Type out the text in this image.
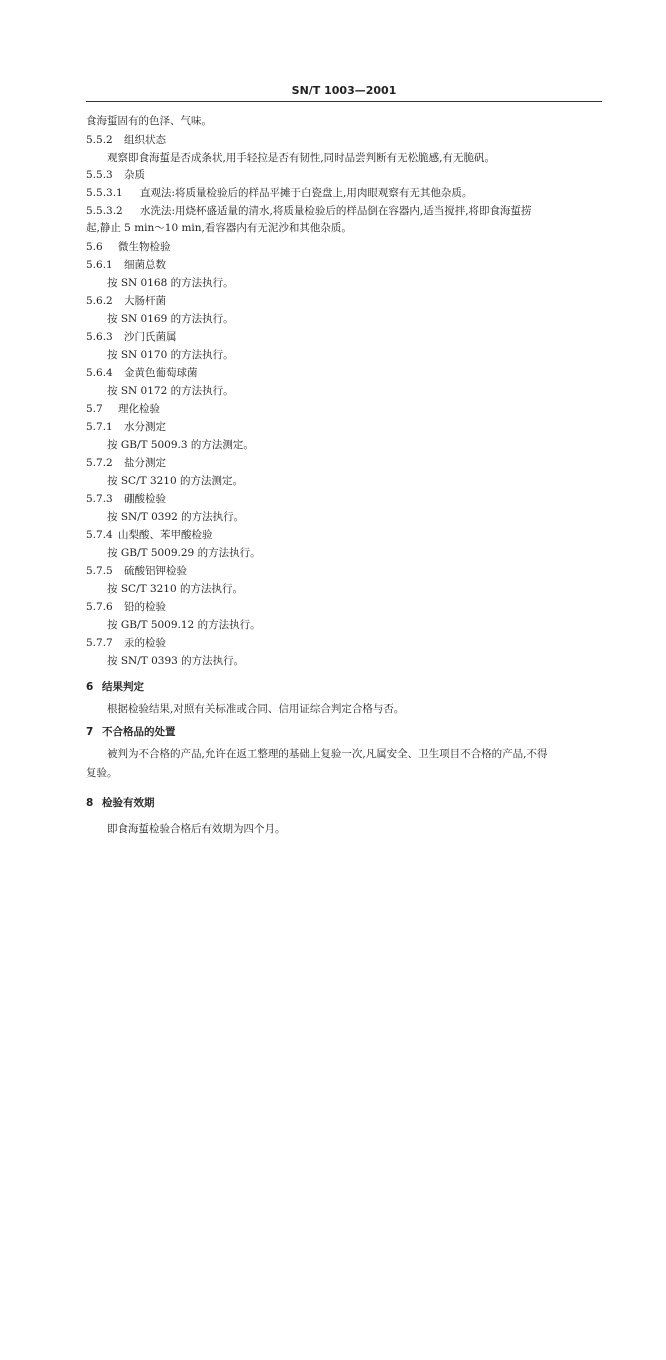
SN/T 1003—2001
食海蜇固有的色泽、气味。
5.5.2 组织状态
观察即食海蜇是否成条状,用手轻拉是否有韧性,同时品尝判断有无松脆感,有无脆矾。
5.5.3 杂质
5.5.3.1 直观法:将质量检验后的样品平摊于白瓷盘上,用肉眼观察有无其他杂质。
5.5.3.2 水洗法:用烧杯盛适量的清水,将质量检验后的样品倒在容器内,适当搅拌,将即食海蜇捞
起,静止 5 min～10 min,看容器内有无泥沙和其他杂质。
5.6 微生物检验
5.6.1 细菌总数
按 SN 0168 的方法执行。
5.6.2 大肠杆菌
按 SN 0169 的方法执行。
5.6.3 沙门氏菌属
按 SN 0170 的方法执行。
5.6.4 金黄色葡萄球菌
按 SN 0172 的方法执行。
5.7 理化检验
5.7.1 水分测定
按 GB/T 5009.3 的方法测定。
5.7.2 盐分测定
按 SC/T 3210 的方法测定。
5.7.3 硼酸检验
按 SN/T 0392 的方法执行。
5.7.4 山梨酸、苯甲酸检验
按 GB/T 5009.29 的方法执行。
5.7.5 硫酸铝钾检验
按 SC/T 3210 的方法执行。
5.7.6 铅的检验
按 GB/T 5009.12 的方法执行。
5.7.7 汞的检验
按 SN/T 0393 的方法执行。
6 结果判定
根据检验结果,对照有关标准或合同、信用证综合判定合格与否。
7 不合格品的处置
被判为不合格的产品,允许在返工整理的基础上复验一次,凡属安全、卫生项目不合格的产品,不得
复验。
8 检验有效期
即食海蜇检验合格后有效期为四个月。
